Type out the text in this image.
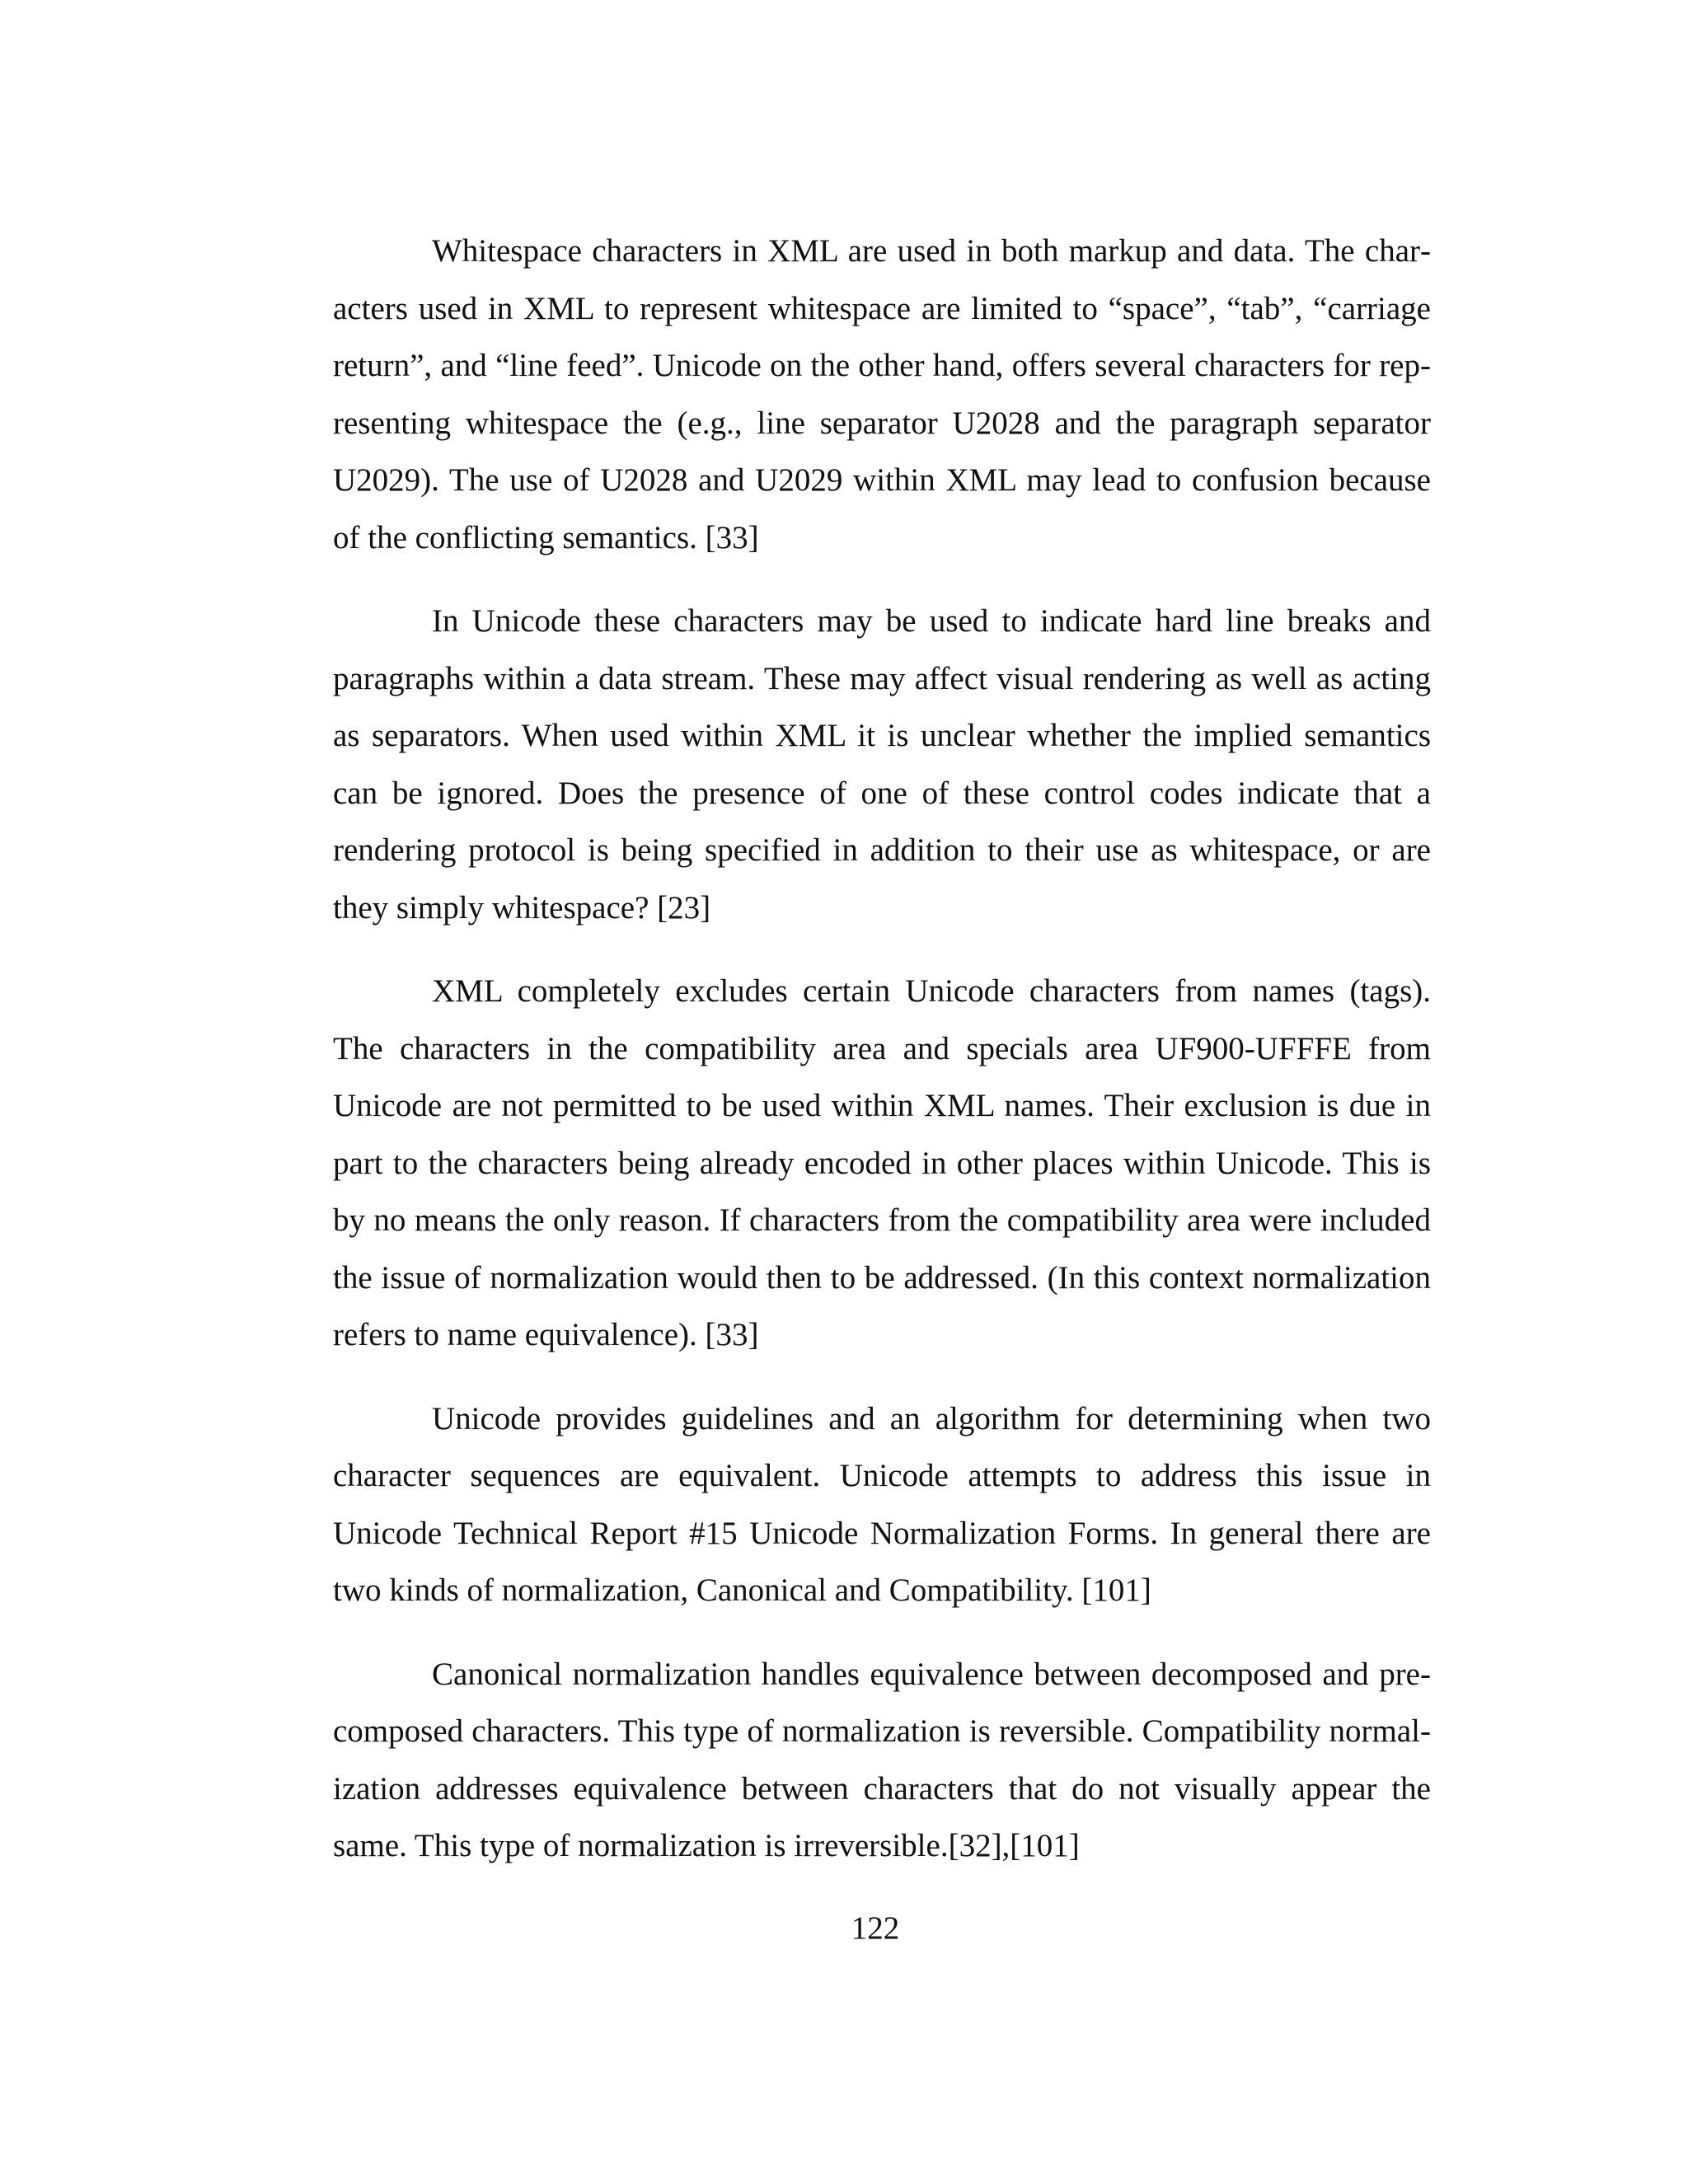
Whitespace characters in XML are used in both markup and data. The characters used in XML to represent whitespace are limited to “space”, “tab”, “carriage return”, and “line feed”. Unicode on the other hand, offers several characters for representing whitespace the (e.g., line separator U2028 and the paragraph separator U2029). The use of U2028 and U2029 within XML may lead to confusion because of the conflicting semantics. [33]

In Unicode these characters may be used to indicate hard line breaks and paragraphs within a data stream. These may affect visual rendering as well as acting as separators. When used within XML it is unclear whether the implied semantics can be ignored. Does the presence of one of these control codes indicate that a rendering protocol is being specified in addition to their use as whitespace, or are they simply whitespace? [23]

XML completely excludes certain Unicode characters from names (tags). The characters in the compatibility area and specials area UF900-UFFFE from Unicode are not permitted to be used within XML names. Their exclusion is due in part to the characters being already encoded in other places within Unicode. This is by no means the only reason. If characters from the compatibility area were included the issue of normalization would then to be addressed. (In this context normalization refers to name equivalence). [33]

Unicode provides guidelines and an algorithm for determining when two character sequences are equivalent. Unicode attempts to address this issue in Unicode Technical Report #15 Unicode Normalization Forms. In general there are two kinds of normalization, Canonical and Compatibility. [101]

Canonical normalization handles equivalence between decomposed and precomposed characters. This type of normalization is reversible. Compatibility normalization addresses equivalence between characters that do not visually appear the same. This type of normalization is irreversible.[32],[101]

122
